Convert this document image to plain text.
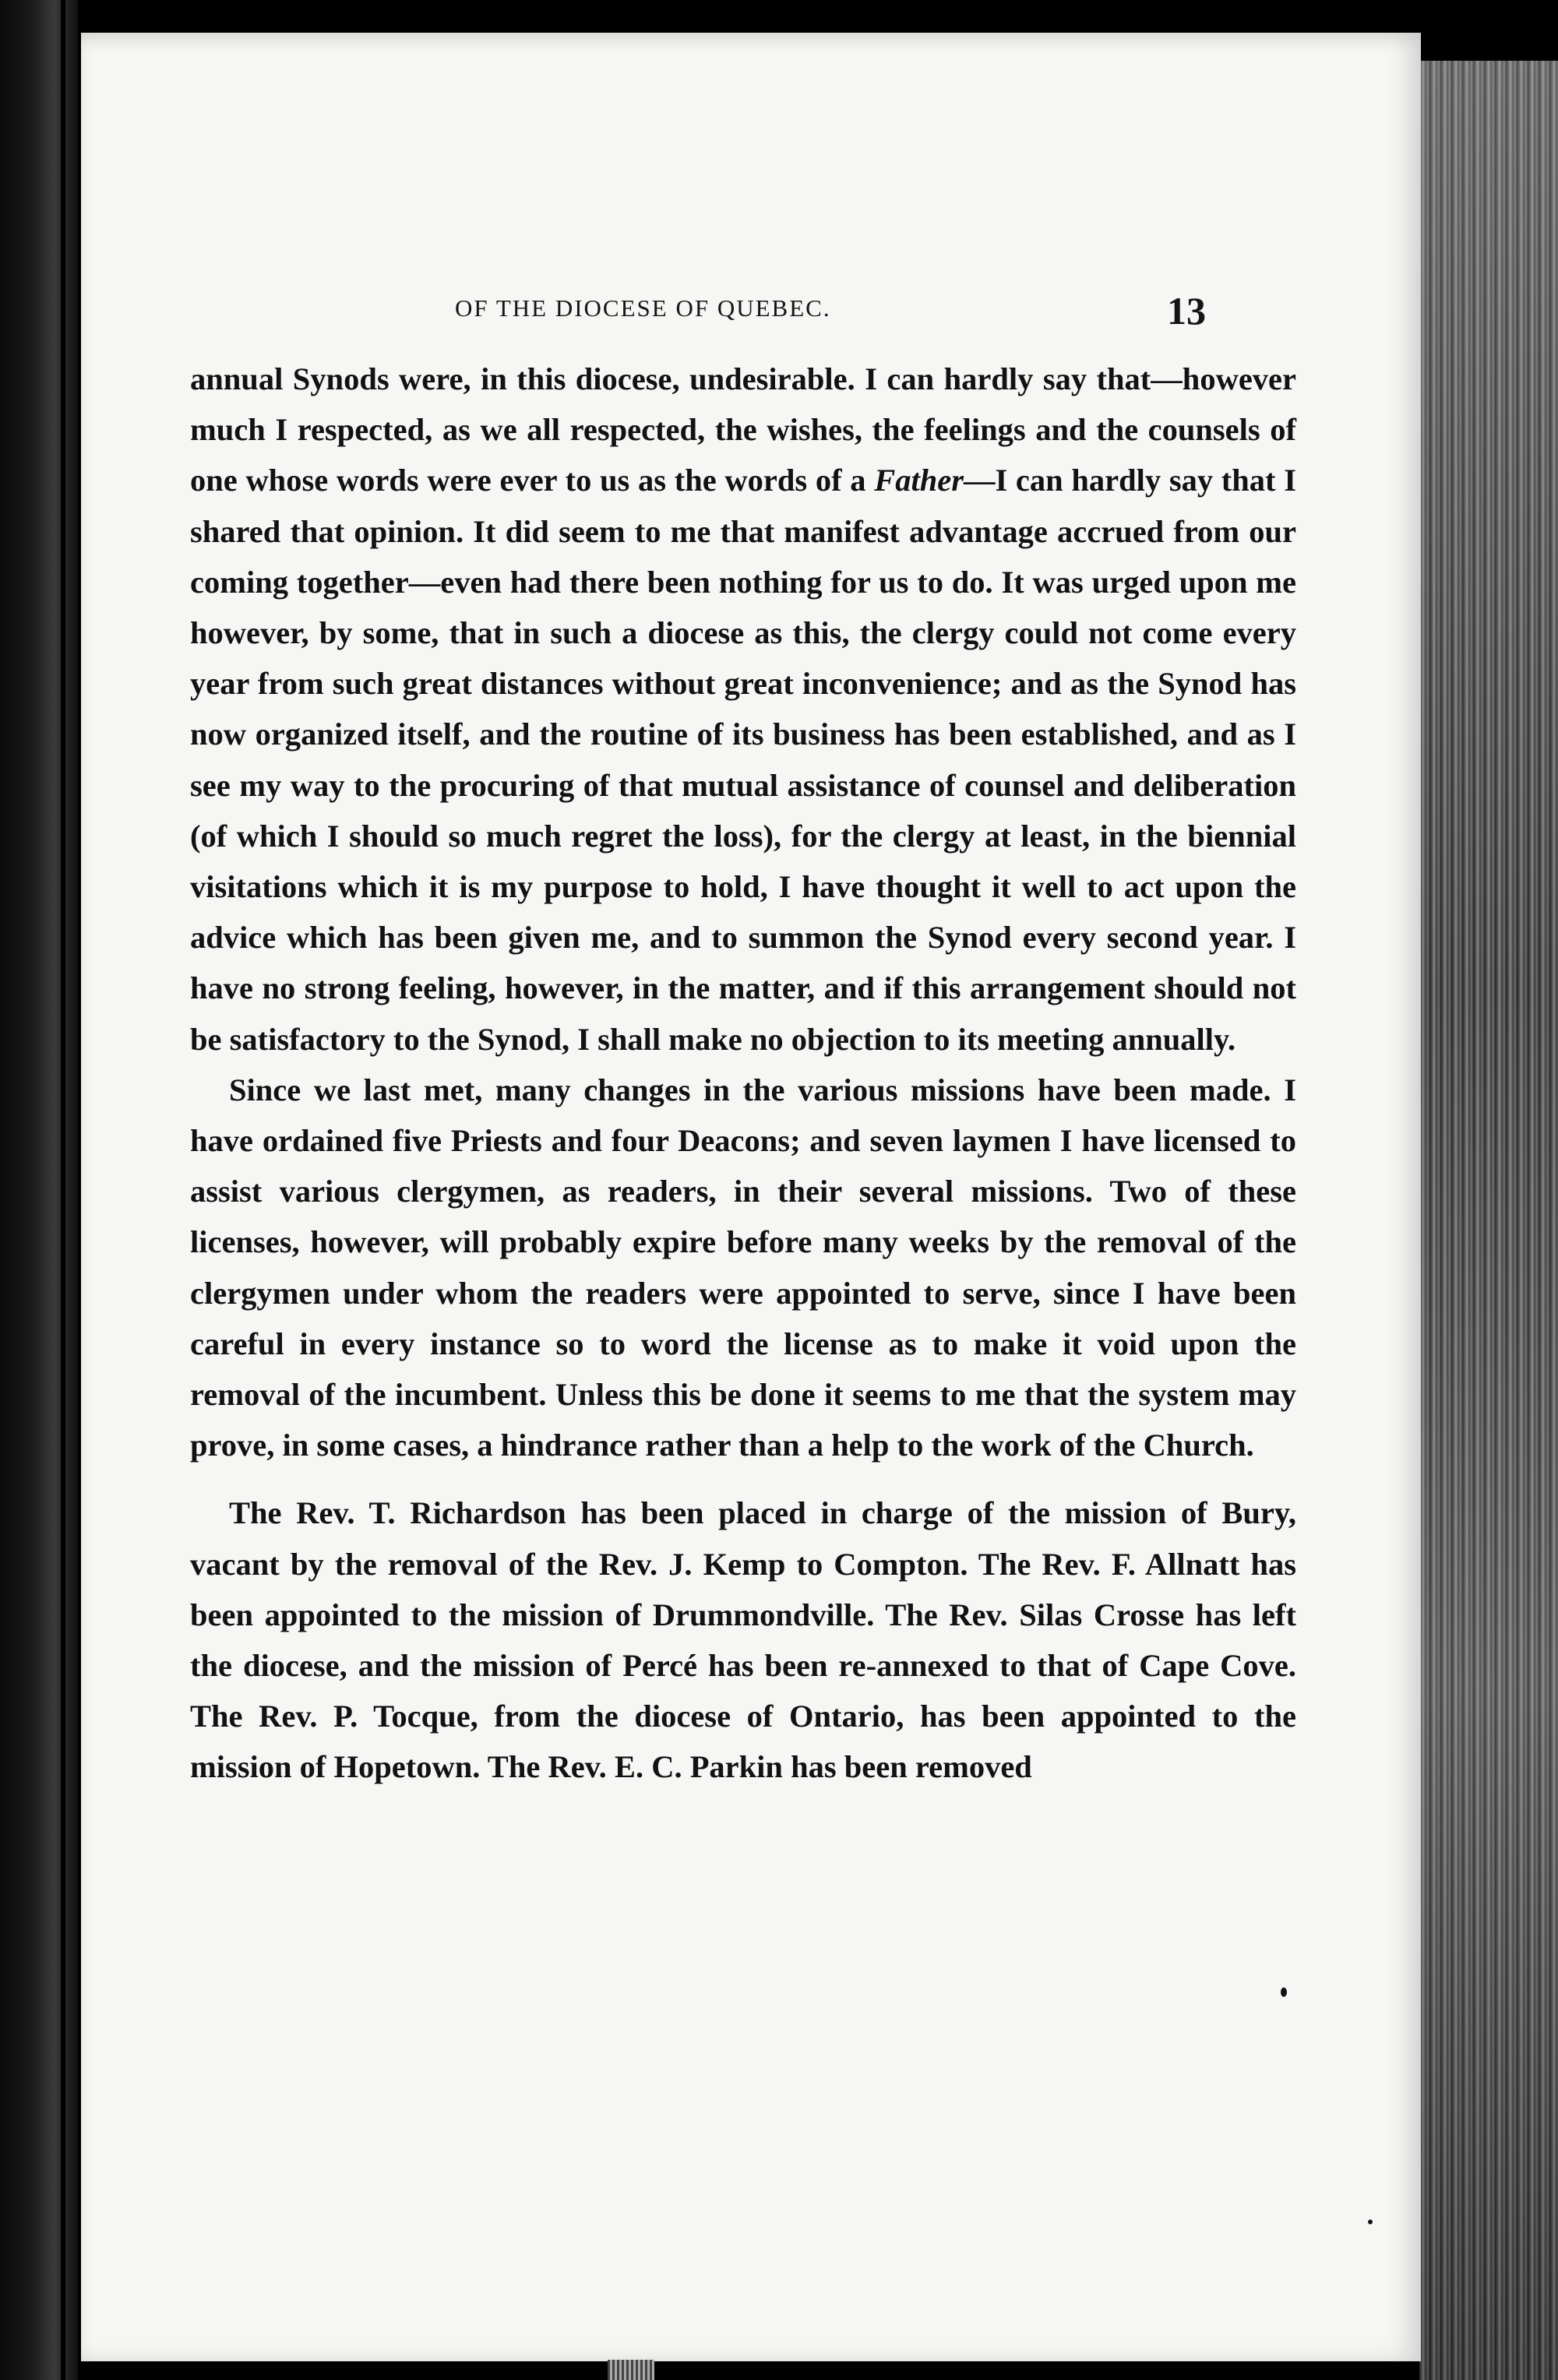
OF THE DIOCESE OF QUEBEC.	13

annual Synods were, in this diocese, undesirable. I can hardly say that—however much I respected, as we all respected, the wishes, the feelings and the counsels of one whose words were ever to us as the words of a Father—I can hardly say that I shared that opinion. It did seem to me that manifest advantage accrued from our coming together—even had there been nothing for us to do. It was urged upon me however, by some, that in such a diocese as this, the clergy could not come every year from such great distances without great inconvenience; and as the Synod has now organized itself, and the routine of its business has been established, and as I see my way to the procuring of that mutual assistance of counsel and deliberation (of which I should so much regret the loss), for the clergy at least, in the biennial visitations which it is my purpose to hold, I have thought it well to act upon the advice which has been given me, and to summon the Synod every second year. I have no strong feeling, however, in the matter, and if this arrangement should not be satisfactory to the Synod, I shall make no objection to its meeting annually.

Since we last met, many changes in the various missions have been made. I have ordained five Priests and four Deacons; and seven laymen I have licensed to assist various clergymen, as readers, in their several missions. Two of these licenses, however, will probably expire before many weeks by the removal of the clergymen under whom the readers were appointed to serve, since I have been careful in every instance so to word the license as to make it void upon the removal of the incumbent. Unless this be done it seems to me that the system may prove, in some cases, a hindrance rather than a help to the work of the Church.

The Rev. T. Richardson has been placed in charge of the mission of Bury, vacant by the removal of the Rev. J. Kemp to Compton. The Rev. F. Allnatt has been appointed to the mission of Drummondville. The Rev. Silas Crosse has left the diocese, and the mission of Percé has been re-annexed to that of Cape Cove. The Rev. P. Tocque, from the diocese of Ontario, has been appointed to the mission of Hopetown. The Rev. E. C. Parkin has been removed
